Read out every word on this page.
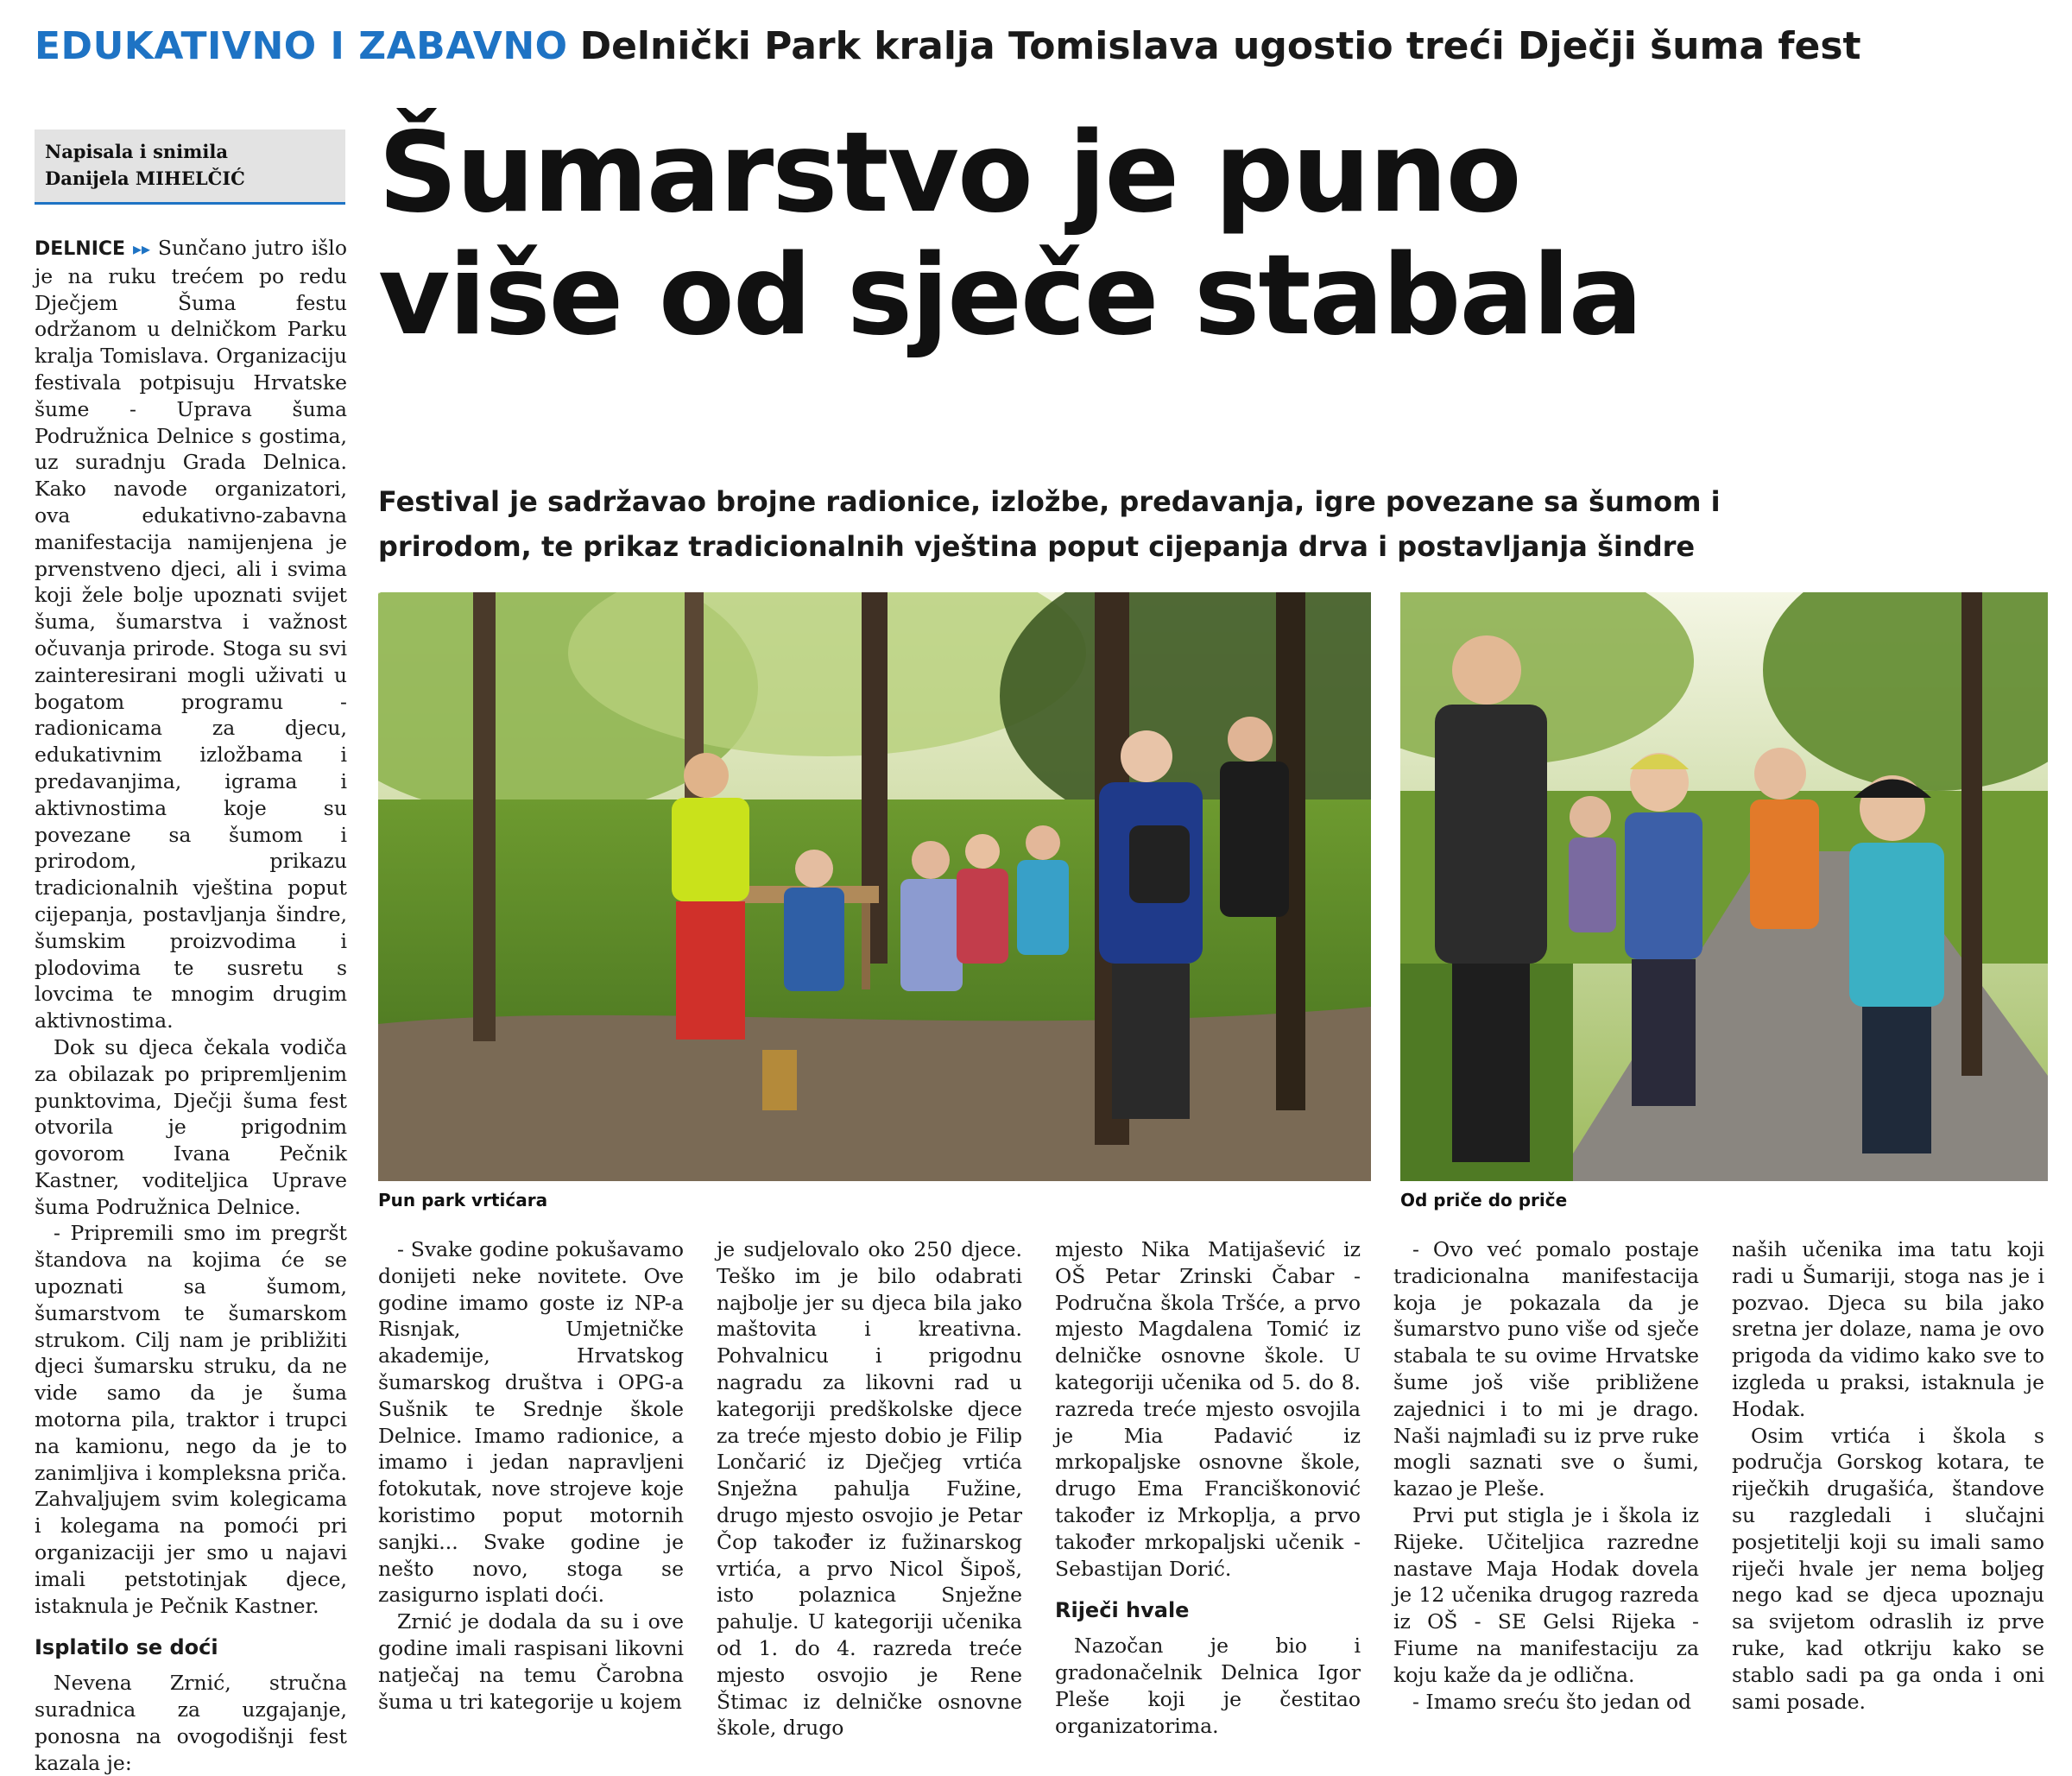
EDUKATIVNO I ZABAVNO Delnički Park kralja Tomislava ugostio treći Dječji šuma fest
Napisala i snimila
Danijela MIHELČIĆ	Šumarstvo je puno
više od sječe stabala
Festival je sadržavao brojne radionice, izložbe, predavanja, igre povezane sa šumom i
prirodom, te prikaz tradicionalnih vještina poput cijepanja drva i postavljanja šindre
Pun park vrtićara	Od priče do priče

DELNICE ▸▸ Sunčano jutro išlo je na ruku trećem po redu Dječjem Šuma festu održanom u delničkom Parku kralja Tomislava. Organizaciju festivala potpisuju Hrvatske šume - Uprava šuma Podružnica Delnice s gostima, uz suradnju Grada Delnica. Kako navode organizatori, ova edukativno-zabavna manifestacija namijenjena je prvenstveno djeci, ali i svima koji žele bolje upoznati svijet šuma, šumarstva i važnost očuvanja prirode. Stoga su svi zainteresirani mogli uživati u bogatom programu - radionicama za djecu, edukativnim izložbama i predavanjima, igrama i aktivnostima koje su povezane sa šumom i prirodom, prikazu tradicionalnih vještina poput cijepanja, postavljanja šindre, šumskim proizvodima i plodovima te susretu s lovcima te mnogim drugim aktivnostima.

Dok su djeca čekala vodiča za obilazak po pripremljenim punktovima, Dječji šuma fest otvorila je prigodnim govorom Ivana Pečnik Kastner, voditeljica Uprave šuma Podružnica Delnice.

- Pripremili smo im pregršt štandova na kojima će se upoznati sa šumom, šumarstvom te šumarskom strukom. Cilj nam je približiti djeci šumarsku struku, da ne vide samo da je šuma motorna pila, traktor i trupci na kamionu, nego da je to zanimljiva i kompleksna priča. Zahvaljujem svim kolegicama i kolegama na pomoći pri organizaciji jer smo u najavi imali petstotinjak djece, istaknula je Pečnik Kastner.

Isplatilo se doći

Nevena Zrnić, stručna suradnica za uzgajanje, ponosna na ovogodišnji fest kazala je:

- Svake godine pokušavamo donijeti neke novitete. Ove godine imamo goste iz NP-a Risnjak, Umjetničke akademije, Hrvatskog šumarskog društva i OPG-a Sušnik te Srednje škole Delnice. Imamo radionice, a imamo i jedan napravljeni fotokutak, nove strojeve koje koristimo poput motornih sanjki... Svake godine je nešto novo, stoga se zasigurno isplati doći.

Zrnić je dodala da su i ove godine imali raspisani likovni natječaj na temu Čarobna šuma u tri kategorije u kojem

je sudjelovalo oko 250 djece. Teško im je bilo odabrati najbolje jer su djeca bila jako maštovita i kreativna. Pohvalnicu i prigodnu nagradu za likovni rad u kategoriji predškolske djece za treće mjesto dobio je Filip Lončarić iz Dječjeg vrtića Snježna pahulja Fužine, drugo mjesto osvojio je Petar Čop također iz fužinarskog vrtića, a prvo Nicol Šipoš, isto polaznica Snježne pahulje. U kategoriji učenika od 1. do 4. razreda treće mjesto osvojio je Rene Štimac iz delničke osnovne škole, drugo

mjesto Nika Matijašević iz OŠ Petar Zrinski Čabar - Područna škola Tršće, a prvo mjesto Magdalena Tomić iz delničke osnovne škole. U kategoriji učenika od 5. do 8. razreda treće mjesto osvojila je Mia Padavić iz mrkopaljske osnovne škole, drugo Ema Franciškonović također iz Mrkoplja, a prvo također mrkopaljski učenik - Sebastijan Dorić.

Riječi hvale

Nazočan je bio i gradonačelnik Delnica Igor Pleše koji je čestitao organizatorima.

- Ovo već pomalo postaje tradicionalna manifestacija koja je pokazala da je šumarstvo puno više od sječe stabala te su ovime Hrvatske šume još više približene zajednici i to mi je drago. Naši najmlađi su iz prve ruke mogli saznati sve o šumi, kazao je Pleše.

Prvi put stigla je i škola iz Rijeke. Učiteljica razredne nastave Maja Hodak dovela je 12 učenika drugog razreda iz OŠ - SE Gelsi Rijeka - Fiume na manifestaciju za koju kaže da je odlična.

- Imamo sreću što jedan od

naših učenika ima tatu koji radi u Šumariji, stoga nas je i pozvao. Djeca su bila jako sretna jer dolaze, nama je ovo prigoda da vidimo kako sve to izgleda u praksi, istaknula je Hodak.

Osim vrtića i škola s područja Gorskog kotara, te riječkih drugašića, štandove su razgledali i slučajni posjetitelji koji su imali samo riječi hvale jer nema boljeg nego kad se djeca upoznaju sa svijetom odraslih iz prve ruke, kad otkriju kako se stablo sadi pa ga onda i oni sami posade.
